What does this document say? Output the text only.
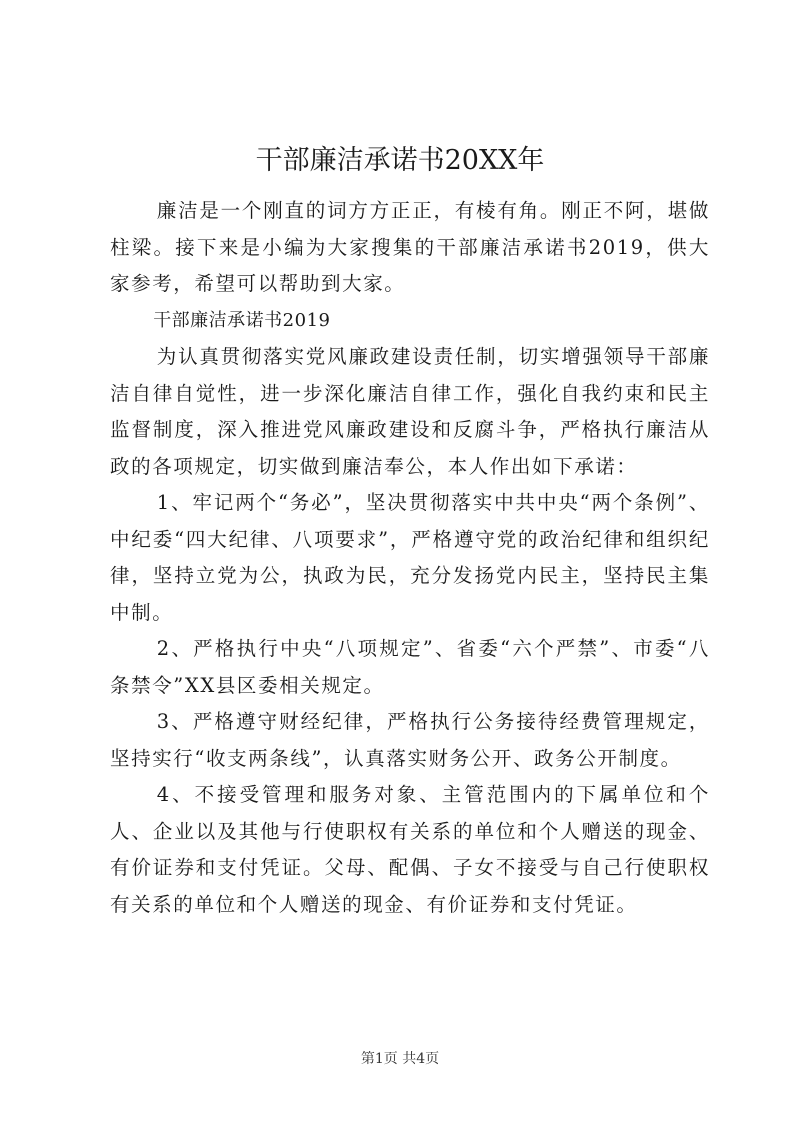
干部廉洁承诺书20XX年

廉洁是一个刚直的词方方正正，有棱有角。刚正不阿，堪做柱梁。接下来是小编为大家搜集的干部廉洁承诺书2019，供大家参考，希望可以帮助到大家。

干部廉洁承诺书2019

为认真贯彻落实党风廉政建设责任制，切实增强领导干部廉洁自律自觉性，进一步深化廉洁自律工作，强化自我约束和民主监督制度，深入推进党风廉政建设和反腐斗争，严格执行廉洁从政的各项规定，切实做到廉洁奉公，本人作出如下承诺：

1、牢记两个“务必”，坚决贯彻落实中共中央“两个条例”、中纪委“四大纪律、八项要求”，严格遵守党的政治纪律和组织纪律，坚持立党为公，执政为民，充分发扬党内民主，坚持民主集中制。

2、严格执行中央“八项规定”、省委“六个严禁”、市委“八条禁令”XX县区委相关规定。

3、严格遵守财经纪律，严格执行公务接待经费管理规定，坚持实行“收支两条线”，认真落实财务公开、政务公开制度。

4、不接受管理和服务对象、主管范围内的下属单位和个人、企业以及其他与行使职权有关系的单位和个人赠送的现金、有价证券和支付凭证。父母、配偶、子女不接受与自己行使职权有关系的单位和个人赠送的现金、有价证券和支付凭证。

第1页 共4页
